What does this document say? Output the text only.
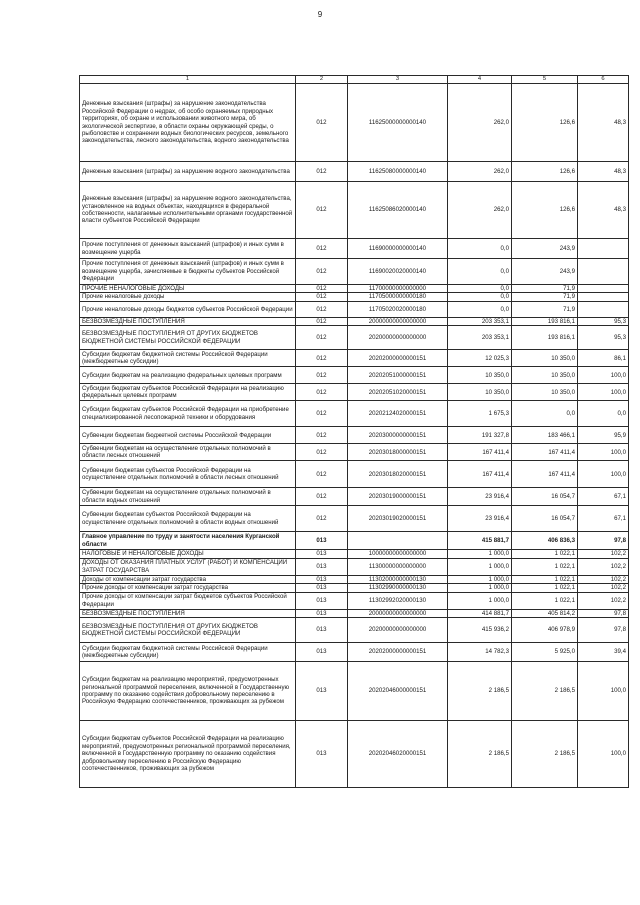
9
1	2	3	4	5	6
Денежные взыскания (штрафы) за нарушение законодательства Российской Федерации о недрах, об особо охраняемых природных территориях, об охране и использовании животного мира, об экологической экспертизе, в области охраны окружающей среды, о рыболовстве и сохранении водных биологических ресурсов, земельного законодательства, лесного законодательства, водного законодательства	012	11625000000000140	262,0	126,6	48,3
Денежные взыскания (штрафы) за нарушение водного законодательства	012	11625080000000140	262,0	126,6	48,3
Денежные взыскания (штрафы) за нарушение водного законодательства, установленное на водных объектах, находящихся в федеральной собственности, налагаемые исполнительными органами государственной власти субъектов Российской Федерации	012	11625086020000140	262,0	126,6	48,3
Прочие поступления от денежных взысканий (штрафов) и иных сумм в возмещение ущерба	012	11690000000000140	0,0	243,9	
Прочие поступления от денежных взысканий (штрафов) и иных сумм в возмещение ущерба, зачисляемые в бюджеты субъектов Российской Федерации	012	11690020020000140	0,0	243,9	
ПРОЧИЕ НЕНАЛОГОВЫЕ ДОХОДЫ	012	11700000000000000	0,0	71,9	
Прочие неналоговые доходы	012	11705000000000180	0,0	71,9	
Прочие неналоговые доходы бюджетов субъектов Российской Федерации	012	11705020020000180	0,0	71,9	
БЕЗВОЗМЕЗДНЫЕ ПОСТУПЛЕНИЯ	012	20000000000000000	203 353,1	193 816,1	95,3
БЕЗВОЗМЕЗДНЫЕ ПОСТУПЛЕНИЯ ОТ ДРУГИХ БЮДЖЕТОВ БЮДЖЕТНОЙ СИСТЕМЫ РОССИЙСКОЙ ФЕДЕРАЦИИ	012	20200000000000000	203 353,1	193 816,1	95,3
Субсидии бюджетам бюджетной системы Российской Федерации (межбюджетные субсидии)	012	20202000000000151	12 025,3	10 350,0	86,1
Субсидии бюджетам на реализацию федеральных целевых программ	012	20202051000000151	10 350,0	10 350,0	100,0
Субсидии бюджетам субъектов Российской Федерации на реализацию федеральных целевых программ	012	20202051020000151	10 350,0	10 350,0	100,0
Субсидии бюджетам субъектов Российской Федерации на приобретение специализированной лесопожарной техники и оборудования	012	20202124020000151	1 675,3	0,0	0,0
Субвенции бюджетам бюджетной системы Российской Федерации	012	20203000000000151	191 327,8	183 466,1	95,9
Субвенции бюджетам на осуществление отдельных полномочий в области лесных отношений	012	20203018000000151	167 411,4	167 411,4	100,0
Субвенции бюджетам субъектов Российской Федерации на осуществление отдельных полномочий в области лесных отношений	012	20203018020000151	167 411,4	167 411,4	100,0
Субвенции бюджетам на осуществление отдельных полномочий в области водных отношений	012	20203019000000151	23 916,4	16 054,7	67,1
Субвенции бюджетам субъектов Российской Федерации на осуществление отдельных полномочий в области водных отношений	012	20203019020000151	23 916,4	16 054,7	67,1
Главное управление по труду и занятости населения Курганской области	013		415 881,7	406 836,3	97,8
НАЛОГОВЫЕ И НЕНАЛОГОВЫЕ ДОХОДЫ	013	10000000000000000	1 000,0	1 022,1	102,2
ДОХОДЫ ОТ ОКАЗАНИЯ ПЛАТНЫХ УСЛУГ (РАБОТ) И КОМПЕНСАЦИИ ЗАТРАТ ГОСУДАРСТВА	013	11300000000000000	1 000,0	1 022,1	102,2
Доходы от компенсации затрат государства	013	11302000000000130	1 000,0	1 022,1	102,2
Прочие доходы от компенсации затрат государства	013	11302990000000130	1 000,0	1 022,1	102,2
Прочие доходы от компенсации затрат бюджетов субъектов Российской Федерации	013	11302992020000130	1 000,0	1 022,1	102,2
БЕЗВОЗМЕЗДНЫЕ ПОСТУПЛЕНИЯ	013	20000000000000000	414 881,7	405 814,2	97,8
БЕЗВОЗМЕЗДНЫЕ ПОСТУПЛЕНИЯ ОТ ДРУГИХ БЮДЖЕТОВ БЮДЖЕТНОЙ СИСТЕМЫ РОССИЙСКОЙ ФЕДЕРАЦИИ	013	20200000000000000	415 936,2	406 978,9	97,8
Субсидии бюджетам бюджетной системы Российской Федерации (межбюджетные субсидии)	013	20202000000000151	14 782,3	5 925,0	39,4
Субсидии бюджетам на реализацию мероприятий, предусмотренных региональной программой переселения, включенной в Государственную программу по оказанию содействия добровольному переселению в Российскую Федерацию соотечественников, проживающих за рубежом	013	20202046000000151	2 186,5	2 186,5	100,0
Субсидии бюджетам субъектов Российской Федерации на реализацию мероприятий, предусмотренных региональной программой переселения, включенной в Государственную программу по оказанию содействия добровольному переселению в Российскую Федерацию соотечественников, проживающих за рубежом	013	20202046020000151	2 186,5	2 186,5	100,0
